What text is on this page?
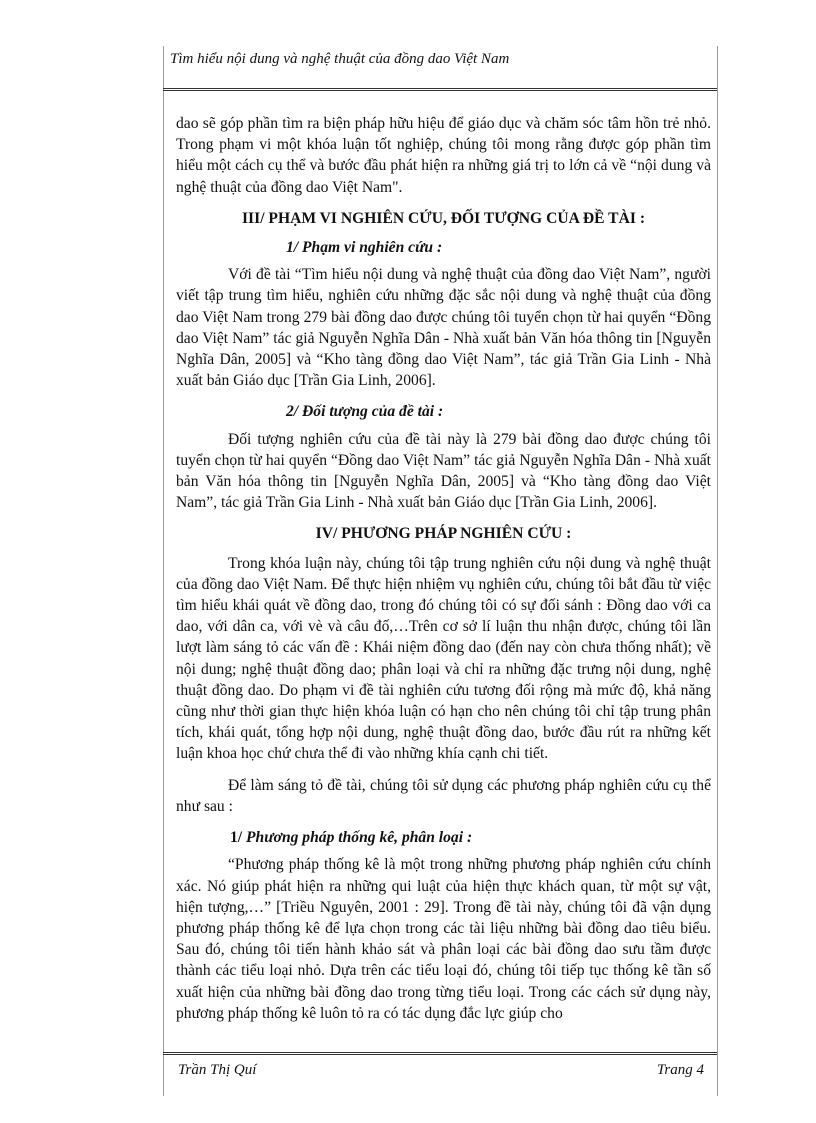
Tìm hiểu nội dung và nghệ thuật của đồng dao Việt Nam

dao sẽ góp phần tìm ra biện pháp hữu hiệu để giáo dục và chăm sóc tâm hồn trẻ nhỏ. Trong phạm vi một khóa luận tốt nghiệp, chúng tôi mong rằng được góp phần tìm hiểu một cách cụ thể và bước đầu phát hiện ra những giá trị to lớn cả về “nội dung và nghệ thuật của đồng dao Việt Nam".

III/ PHẠM VI NGHIÊN CỨU, ĐỐI TƯỢNG CỦA ĐỀ TÀI :
1/ Phạm vi nghiên cứu :

Với đề tài “Tìm hiểu nội dung và nghệ thuật của đồng dao Việt Nam”, người viết tập trung tìm hiểu, nghiên cứu những đặc sắc nội dung và nghệ thuật của đồng dao Việt Nam trong 279 bài đồng dao được chúng tôi tuyển chọn từ hai quyển “Đồng dao Việt Nam” tác giả Nguyễn Nghĩa Dân - Nhà xuất bản Văn hóa thông tin [Nguyễn Nghĩa Dân, 2005] và “Kho tàng đồng dao Việt Nam”, tác giả Trần Gia Linh - Nhà xuất bản Giáo dục [Trần Gia Linh, 2006].

2/ Đối tượng của đề tài :

Đối tượng nghiên cứu của đề tài này là 279 bài đồng dao được chúng tôi tuyển chọn từ hai quyển “Đồng dao Việt Nam” tác giả Nguyễn Nghĩa Dân - Nhà xuất bản Văn hóa thông tin [Nguyễn Nghĩa Dân, 2005] và “Kho tàng đồng dao Việt Nam”, tác giả Trần Gia Linh - Nhà xuất bản Giáo dục [Trần Gia Linh, 2006].

IV/ PHƯƠNG PHÁP NGHIÊN CỨU :

Trong khóa luận này, chúng tôi tập trung nghiên cứu nội dung và nghệ thuật của đồng dao Việt Nam. Để thực hiện nhiệm vụ nghiên cứu, chúng tôi bắt đầu từ việc tìm hiểu khái quát về đồng dao, trong đó chúng tôi có sự đối sánh : Đồng dao với ca dao, với dân ca, với vè và câu đố,…Trên cơ sở lí luận thu nhận được, chúng tôi lần lượt làm sáng tỏ các vấn đề : Khái niệm đồng dao (đến nay còn chưa thống nhất); về nội dung; nghệ thuật đồng dao; phân loại và chỉ ra những đặc trưng nội dung, nghệ thuật đồng dao. Do phạm vi đề tài nghiên cứu tương đối rộng mà mức độ, khả năng cũng như thời gian thực hiện khóa luận có hạn cho nên chúng tôi chỉ tập trung phân tích, khái quát, tổng hợp nội dung, nghệ thuật đồng dao, bước đầu rút ra những kết luận khoa học chứ chưa thể đi vào những khía cạnh chi tiết.

Để làm sáng tỏ đề tài, chúng tôi sử dụng các phương pháp nghiên cứu cụ thể như sau :

1/ Phương pháp thống kê, phân loại :

“Phương pháp thống kê là một trong những phương pháp nghiên cứu chính xác. Nó giúp phát hiện ra những qui luật của hiện thực khách quan, từ một sự vật, hiện tượng,…” [Triều Nguyên, 2001 : 29]. Trong đề tài này, chúng tôi đã vận dụng phương pháp thống kê để lựa chọn trong các tài liệu những bài đồng dao tiêu biểu. Sau đó, chúng tôi tiến hành khảo sát và phân loại các bài đồng dao sưu tầm được thành các tiểu loại nhỏ. Dựa trên các tiểu loại đó, chúng tôi tiếp tục thống kê tần số xuất hiện của những bài đồng dao trong từng tiểu loại. Trong các cách sử dụng này, phương pháp thống kê luôn tỏ ra có tác dụng đắc lực giúp cho

Trần Thị Quí	Trang 4
